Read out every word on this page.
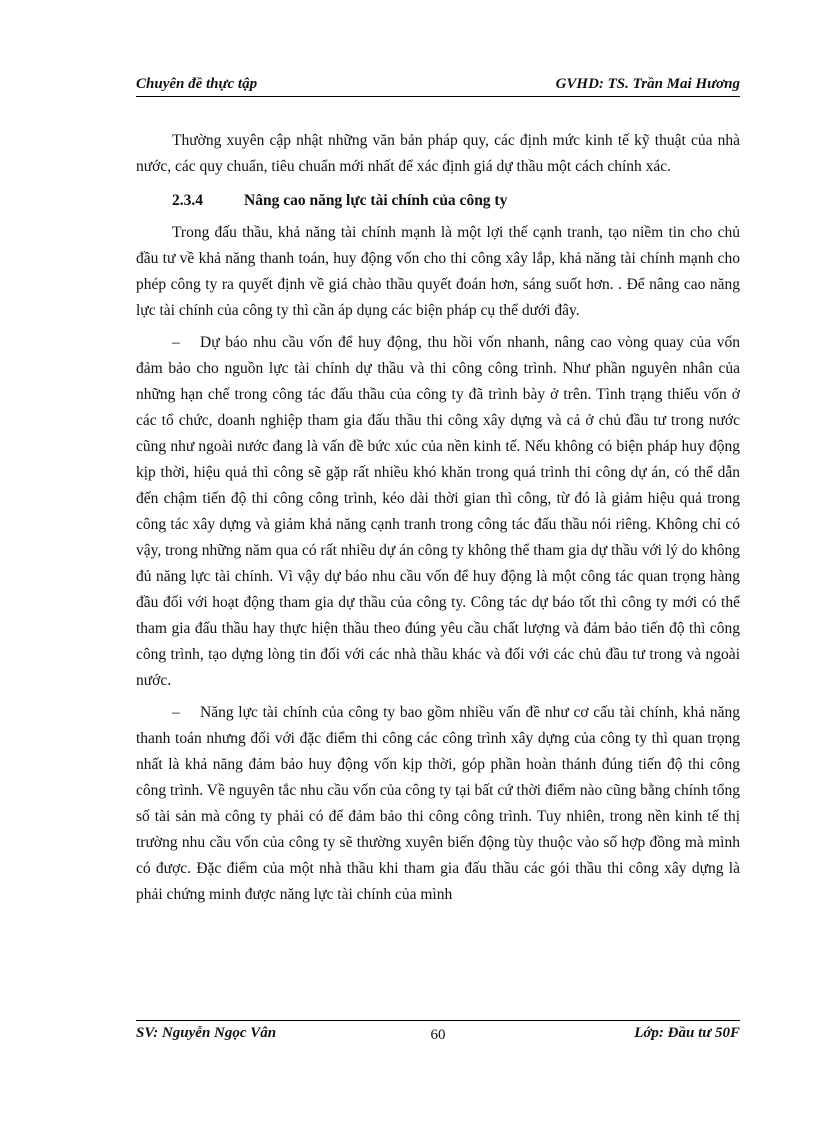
Chuyên đề thực tập	GVHD: TS. Trần Mai Hương

Thường xuyên cập nhật những văn bản pháp quy, các định mức kinh tế kỹ thuật của nhà nước, các quy chuẩn, tiêu chuẩn mới nhất để xác định giá dự thầu một cách chính xác.

2.3.4	Nâng cao năng lực tài chính của công ty

Trong đấu thầu, khả năng tài chính mạnh là một lợi thế cạnh tranh, tạo niềm tin cho chủ đầu tư về khả năng thanh toán, huy động vốn cho thi công xây lắp, khả năng tài chính mạnh cho phép công ty ra quyết định về giá chào thầu quyết đoán hơn, sáng suốt hơn. . Để nâng cao năng lực tài chính của công ty thì cần áp dụng các biện pháp cụ thể dưới đây.

– Dự báo nhu cầu vốn để huy động, thu hồi vốn nhanh, nâng cao vòng quay của vốn đảm bảo cho nguồn lực tài chính dự thầu và thi công công trình. Như phần nguyên nhân của những hạn chế trong công tác đấu thầu của công ty đã trình bày ở trên. Tình trạng thiếu vốn ở các tổ chức, doanh nghiệp tham gia đấu thầu thi công xây dựng và cả ở chủ đầu tư trong nước cũng như ngoài nước đang là vấn đề bức xúc của nền kinh tế. Nếu không có biện pháp huy động kịp thời, hiệu quả thì công sẽ gặp rất nhiều khó khăn trong quá trình thi công dự án, có thể dẫn đến chậm tiến độ thi công công trình, kéo dài thời gian thì công, từ đó là giảm hiệu quả trong công tác xây dựng và giảm khả năng cạnh tranh trong công tác đấu thầu nói riêng. Không chỉ có vậy, trong những năm qua có rất nhiều dự án công ty không thể tham gia dự thầu với lý do không đủ năng lực tài chính. Vì vậy dự báo nhu cầu vốn để huy động là một công tác quan trọng hàng đầu đối với hoạt động tham gia dự thầu của công ty. Công tác dự báo tốt thì công ty mới có thể tham gia đấu thầu hay thực hiện thầu theo đúng yêu cầu chất lượng và đảm bảo tiến độ thì công công trình, tạo dựng lòng tin đối với các nhà thầu khác và đối với các chủ đầu tư trong và ngoài nước.

– Năng lực tài chính của công ty bao gồm nhiều vấn đề như cơ cấu tài chính, khả năng thanh toán nhưng đối với đặc điểm thi công các công trình xây dựng của công ty thì quan trọng nhất là khả năng đảm bảo huy động vốn kịp thời, góp phần hoàn thánh đúng tiến độ thi công công trình. Về nguyên tắc nhu cầu vốn của công ty tại bất cứ thời điểm nào cũng bằng chính tổng số tài sản mà công ty phải có để đảm bảo thi công công trình. Tuy nhiên, trong nền kinh tế thị trường nhu cầu vốn của công ty sẽ thường xuyên biến động tùy thuộc vào số hợp đồng mà mình có được. Đặc điểm của một nhà thầu khi tham gia đấu thầu các gói thầu thi công xây dựng là phải chứng minh được năng lực tài chính của mình

SV: Nguyễn Ngọc Vân	60	Lớp: Đầu tư 50F
